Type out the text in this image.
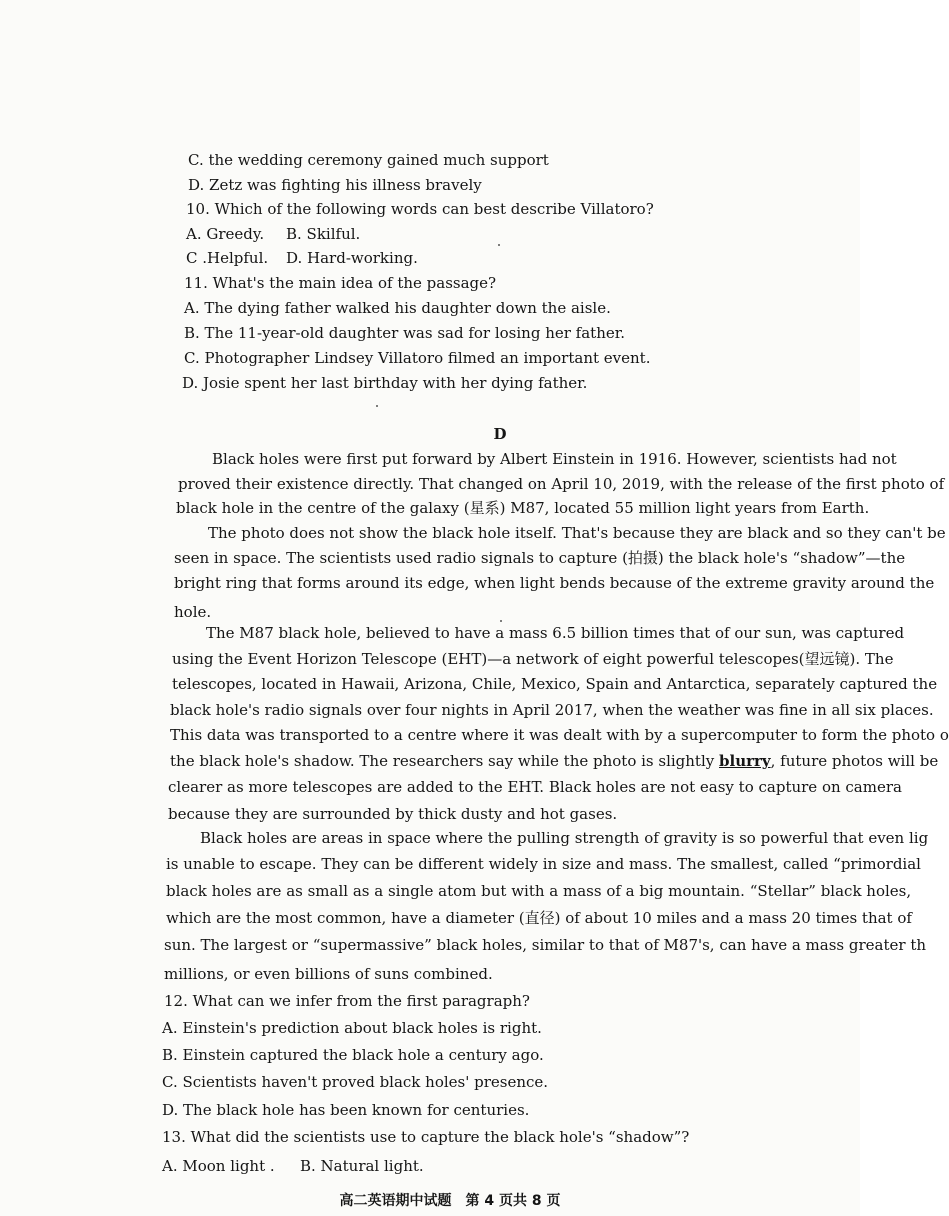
C. the wedding ceremony gained much support
D. Zetz was fighting his illness bravely
10. Which of the following words can best describe Villatoro?
A. Greedy. B. Skilful.
C .Helpful. D. Hard-working.
11. What's the main idea of the passage?
A. The dying father walked his daughter down the aisle.
B. The 11-year-old daughter was sad for losing her father.
C. Photographer Lindsey Villatoro filmed an important event.
D. Josie spent her last birthday with her dying father.
D
Black holes were first put forward by Albert Einstein in 1916. However, scientists had not
proved their existence directly. That changed on April 10, 2019, with the release of the first photo of
black hole in the centre of the galaxy (星系) M87, located 55 million light years from Earth.
The photo does not show the black hole itself. That's because they are black and so they can't be
seen in space. The scientists used radio signals to capture (拍摄) the black hole's “shadow”—the
bright ring that forms around its edge, when light bends because of the extreme gravity around the
hole.
The M87 black hole, believed to have a mass 6.5 billion times that of our sun, was captured
using the Event Horizon Telescope (EHT)—a network of eight powerful telescopes(望远镜). The
telescopes, located in Hawaii, Arizona, Chile, Mexico, Spain and Antarctica, separately captured the
black hole's radio signals over four nights in April 2017, when the weather was fine in all six places.
This data was transported to a centre where it was dealt with by a supercomputer to form the photo o
the black hole's shadow. The researchers say while the photo is slightly blurry, future photos will be
clearer as more telescopes are added to the EHT. Black holes are not easy to capture on camera
because they are surrounded by thick dusty and hot gases.
Black holes are areas in space where the pulling strength of gravity is so powerful that even lig
is unable to escape. They can be different widely in size and mass. The smallest, called “primordial
black holes are as small as a single atom but with a mass of a big mountain. “Stellar” black holes,
which are the most common, have a diameter (直径) of about 10 miles and a mass 20 times that of
sun. The largest or “supermassive” black holes, similar to that of M87's, can have a mass greater th
millions, or even billions of suns combined.
12. What can we infer from the first paragraph?
A. Einstein's prediction about black holes is right.
B. Einstein captured the black hole a century ago.
C. Scientists haven't proved black holes' presence.
D. The black hole has been known for centuries.
13. What did the scientists use to capture the black hole's “shadow”?
A. Moon light . B. Natural light.
高二英语期中试题　第 4 页共 8 页
